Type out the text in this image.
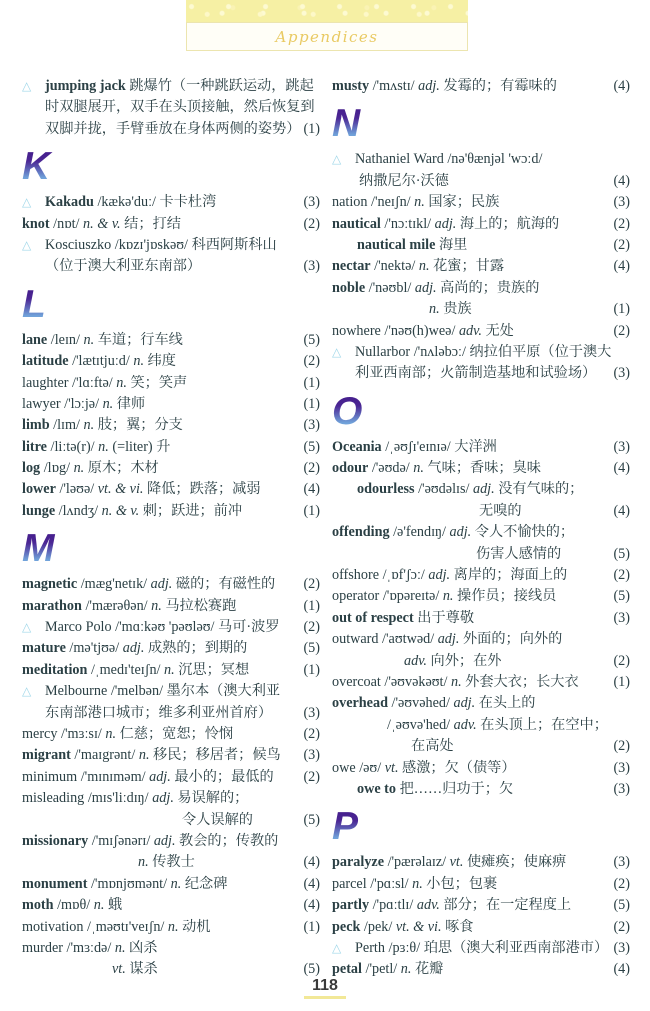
Appendices
△ jumping jack 跳爆竹（一种跳跃运动，跳起
时双腿展开，双手在头顶接触，然后恢复到
双脚并拢，手臂垂放在身体两侧的姿势） (1)
K
△ Kakadu /kækə'duː/ 卡卡杜湾	(3)
knot /nɒt/ n. & v. 结；打结	(2)
△ Kosciuszko /kɒzɪ'jɒskəʊ/ 科西阿斯科山
（位于澳大利亚东南部）	(3)
L
lane /leɪn/ n. 车道；行车线	(5)
latitude /'lætɪtjuːd/ n. 纬度	(2)
laughter /'lɑːftə/ n. 笑；笑声	(1)
lawyer /'lɔːjə/ n. 律师	(1)
limb /lɪm/ n. 肢；翼；分支	(3)
litre /liːtə(r)/ n. (=liter) 升	(5)
log /lɒg/ n. 原木；木材	(2)
lower /'ləʊə/ vt. & vi. 降低；跌落；减弱	(4)
lunge /lʌndʒ/ n. & v. 刺；跃进；前冲	(1)
M
magnetic /mæg'netɪk/ adj. 磁的；有磁性的 (2)
marathon /'mærəθən/ n. 马拉松赛跑	(1)
△ Marco Polo /'mɑːkəʊ 'pəʊləʊ/ 马可·波罗 (2)
mature /mə'tjʊə/ adj. 成熟的；到期的	(5)
meditation /ˌmedɪ'teɪʃn/ n. 沉思；冥想	(1)
△ Melbourne /'melbən/ 墨尔本（澳大利亚
东南部港口城市；维多利亚州首府） (3)
mercy /'mɜːsɪ/ n. 仁慈；宽恕；怜悯	(2)
migrant /'maɪgrənt/ n. 移民；移居者；候鸟 (3)
minimum /'mɪnɪməm/ adj. 最小的；最低的 (2)
misleading /mɪs'liːdɪŋ/ adj. 易误解的；
令人误解的	(5)
missionary /'mɪʃənərɪ/ adj. 教会的；传教的
n. 传教士	(4)
monument /'mɒnjʊmənt/ n. 纪念碑	(4)
moth /mɒθ/ n. 蛾	(4)
motivation /ˌməʊtɪ'veɪʃn/ n. 动机	(1)
murder /'mɜːdə/ n. 凶杀
vt. 谋杀	(5)
musty /'mʌstɪ/ adj. 发霉的；有霉味的	(4)
N
△ Nathaniel Ward /nə'θænjəl 'wɔːd/
纳撒尼尔·沃德	(4)
nation /'neɪʃn/ n. 国家；民族	(3)
nautical /'nɔːtɪkl/ adj. 海上的；航海的	(2)
nautical mile 海里	(2)
nectar /'nektə/ n. 花蜜；甘露	(4)
noble /'nəʊbl/ adj. 高尚的；贵族的
n. 贵族	(1)
nowhere /'nəʊ(h)weə/ adv. 无处	(2)
△ Nullarbor /'nʌləbɔː/ 纳拉伯平原（位于澳大
利亚西南部；火箭制造基地和试验场） (3)
O
Oceania /ˌəʊʃɪ'eɪnɪə/ 大洋洲	(3)
odour /'əʊdə/ n. 气味；香味；臭味	(4)
odourless /'əʊdəlɪs/ adj. 没有气味的；
无嗅的	(4)
offending /ə'fendɪŋ/ adj. 令人不愉快的；
伤害人感情的	(5)
offshore /ˌɒf'ʃɔː/ adj. 离岸的；海面上的	(2)
operator /'ɒpəreɪtə/ n. 操作员；接线员	(5)
out of respect 出于尊敬	(3)
outward /'aʊtwəd/ adj. 外面的；向外的
adv. 向外；在外	(2)
overcoat /'əʊvəkəʊt/ n. 外套大衣；长大衣 (1)
overhead /'əʊvəhed/ adj. 在头上的
/ˌəʊvə'hed/ adv. 在头顶上；在空中；
在高处	(2)
owe /əʊ/ vt. 感激；欠（债等）	(3)
owe to 把……归功于；欠	(3)
P
paralyze /'pærəlaɪz/ vt. 使瘫痪；使麻痹	(3)
parcel /'pɑːsl/ n. 小包；包裹	(2)
partly /'pɑːtlɪ/ adv. 部分；在一定程度上	(5)
peck /pek/ vt. & vi. 啄食	(2)
△ Perth /pɜːθ/ 珀思（澳大利亚西南部港市） (3)
petal /'petl/ n. 花瓣	(4)
118
